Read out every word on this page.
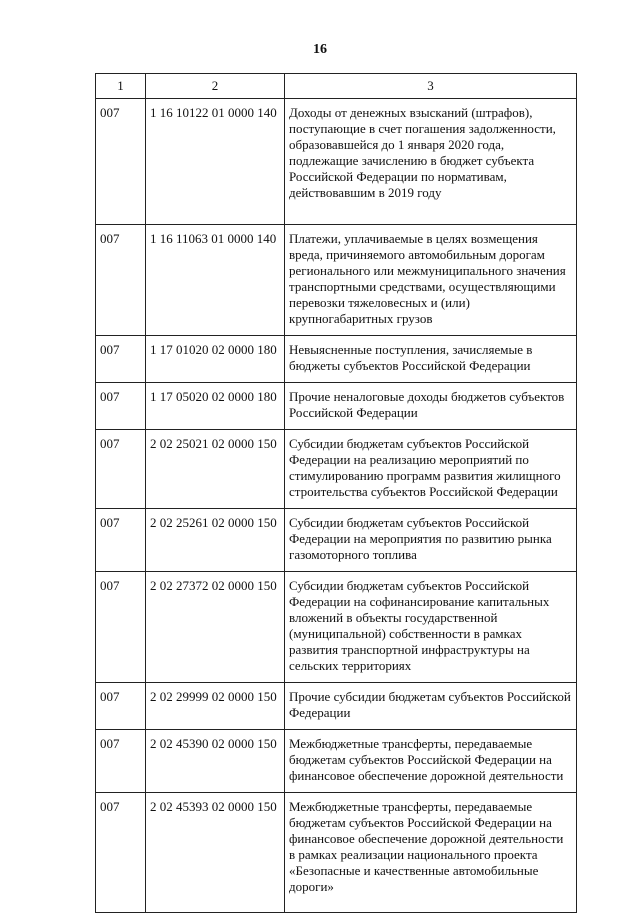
16
1	2	3
007	1 16 10122 01 0000 140	Доходы от денежных взысканий (штрафов), поступающие в счет погашения задолженности, образовавшейся до 1 января 2020 года, подлежащие зачислению в бюджет субъекта Российской Федерации по нормативам, действовавшим в 2019 году
007	1 16 11063 01 0000 140	Платежи, уплачиваемые в целях возмещения вреда, причиняемого автомобильным дорогам регионального или межмуниципального значения транспортными средствами, осуществляющими перевозки тяжеловесных и (или) крупногабаритных грузов
007	1 17 01020 02 0000 180	Невыясненные поступления, зачисляемые в бюджеты субъектов Российской Федерации
007	1 17 05020 02 0000 180	Прочие неналоговые доходы бюджетов субъектов Российской Федерации
007	2 02 25021 02 0000 150	Субсидии бюджетам субъектов Российской Федерации на реализацию мероприятий по стимулированию программ развития жилищного строительства субъектов Российской Федерации
007	2 02 25261 02 0000 150	Субсидии бюджетам субъектов Российской Федерации на мероприятия по развитию рынка газомоторного топлива
007	2 02 27372 02 0000 150	Субсидии бюджетам субъектов Российской Федерации на софинансирование капитальных вложений в объекты государственной (муниципальной) собственности в рамках развития транспортной инфраструктуры на сельских территориях
007	2 02 29999 02 0000 150	Прочие субсидии бюджетам субъектов Российской Федерации
007	2 02 45390 02 0000 150	Межбюджетные трансферты, передаваемые бюджетам субъектов Российской Федерации на финансовое обеспечение дорожной деятельности
007	2 02 45393 02 0000 150	Межбюджетные трансферты, передаваемые бюджетам субъектов Российской Федерации на финансовое обеспечение дорожной деятельности в рамках реализации национального проекта «Безопасные и качественные автомобильные дороги»
